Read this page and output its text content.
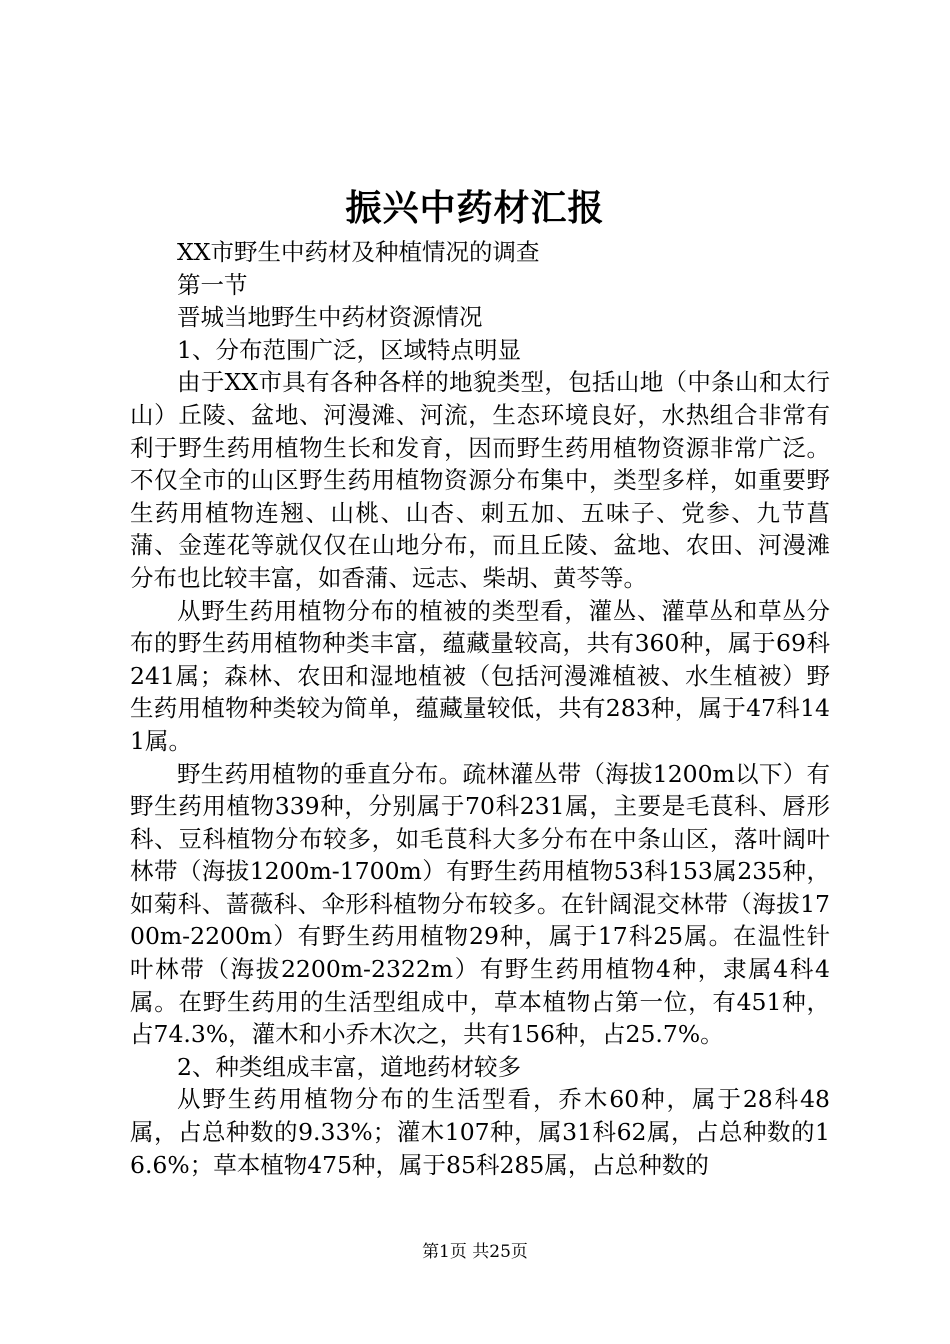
振兴中药材汇报

XX市野生中药材及种植情况的调查

第一节

晋城当地野生中药材资源情况

1、分布范围广泛，区域特点明显

由于XX市具有各种各样的地貌类型，包括山地（中条山和太行山）丘陵、盆地、河漫滩、河流，生态环境良好，水热组合非常有利于野生药用植物生长和发育，因而野生药用植物资源非常广泛。不仅全市的山区野生药用植物资源分布集中，类型多样，如重要野生药用植物连翘、山桃、山杏、刺五加、五味子、党参、九节菖蒲、金莲花等就仅仅在山地分布，而且丘陵、盆地、农田、河漫滩分布也比较丰富，如香蒲、远志、柴胡、黄芩等。

从野生药用植物分布的植被的类型看，灌丛、灌草丛和草丛分布的野生药用植物种类丰富，蕴藏量较高，共有360种，属于69科241属；森林、农田和湿地植被（包括河漫滩植被、水生植被）野生药用植物种类较为简单，蕴藏量较低，共有283种，属于47科141属。

野生药用植物的垂直分布。疏林灌丛带（海拔1200m以下）有野生药用植物339种，分别属于70科231属，主要是毛茛科、唇形科、豆科植物分布较多，如毛茛科大多分布在中条山区，落叶阔叶林带（海拔1200m-1700m）有野生药用植物53科153属235种，如菊科、蔷薇科、伞形科植物分布较多。在针阔混交林带（海拔1700m-2200m）有野生药用植物29种，属于17科25属。在温性针叶林带（海拔2200m-2322m）有野生药用植物4种，隶属4科4属。在野生药用的生活型组成中，草本植物占第一位，有451种，占74.3%，灌木和小乔木次之，共有156种，占25.7%。

2、种类组成丰富，道地药材较多

从野生药用植物分布的生活型看，乔木60种，属于28科48属，占总种数的9.33%；灌木107种，属31科62属，占总种数的16.6%；草本植物475种，属于85科285属，占总种数的

第1页 共25页
